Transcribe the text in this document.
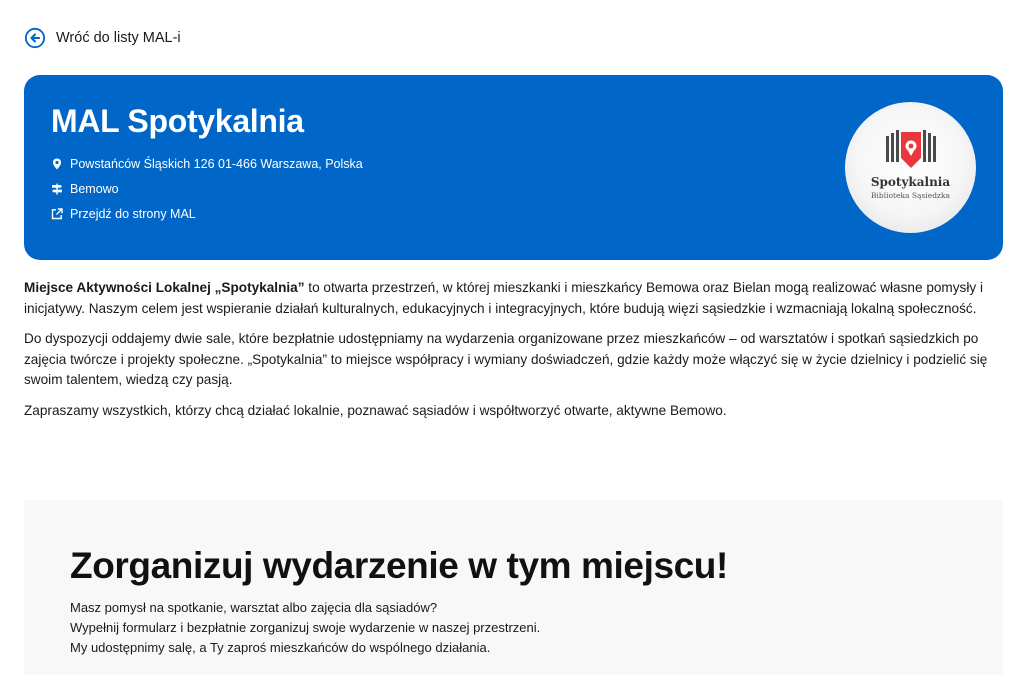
Wróć do listy MAL-i
MAL Spotykalnia
Powstańców Śląskich 126 01-466 Warszawa, Polska
Bemowo
Przejdź do strony MAL
Spotykalnia
Biblioteka Sąsiedzka

Miejsce Aktywności Lokalnej „Spotykalnia” to otwarta przestrzeń, w której mieszkanki i mieszkańcy Bemowa oraz Bielan mogą realizować własne pomysły i inicjatywy. Naszym celem jest wspieranie działań kulturalnych, edukacyjnych i integracyjnych, które budują więzi sąsiedzkie i wzmacniają lokalną społeczność.

Do dyspozycji oddajemy dwie sale, które bezpłatnie udostępniamy na wydarzenia organizowane przez mieszkańców – od warsztatów i spotkań sąsiedzkich po zajęcia twórcze i projekty społeczne. „Spotykalnia” to miejsce współpracy i wymiany doświadczeń, gdzie każdy może włączyć się w życie dzielnicy i podzielić się swoim talentem, wiedzą czy pasją.

Zapraszamy wszystkich, którzy chcą działać lokalnie, poznawać sąsiadów i współtworzyć otwarte, aktywne Bemowo.

Zorganizuj wydarzenie w tym miejscu!
Masz pomysł na spotkanie, warsztat albo zajęcia dla sąsiadów?
Wypełnij formularz i bezpłatnie zorganizuj swoje wydarzenie w naszej przestrzeni.
My udostępnimy salę, a Ty zaproś mieszkańców do wspólnego działania.
